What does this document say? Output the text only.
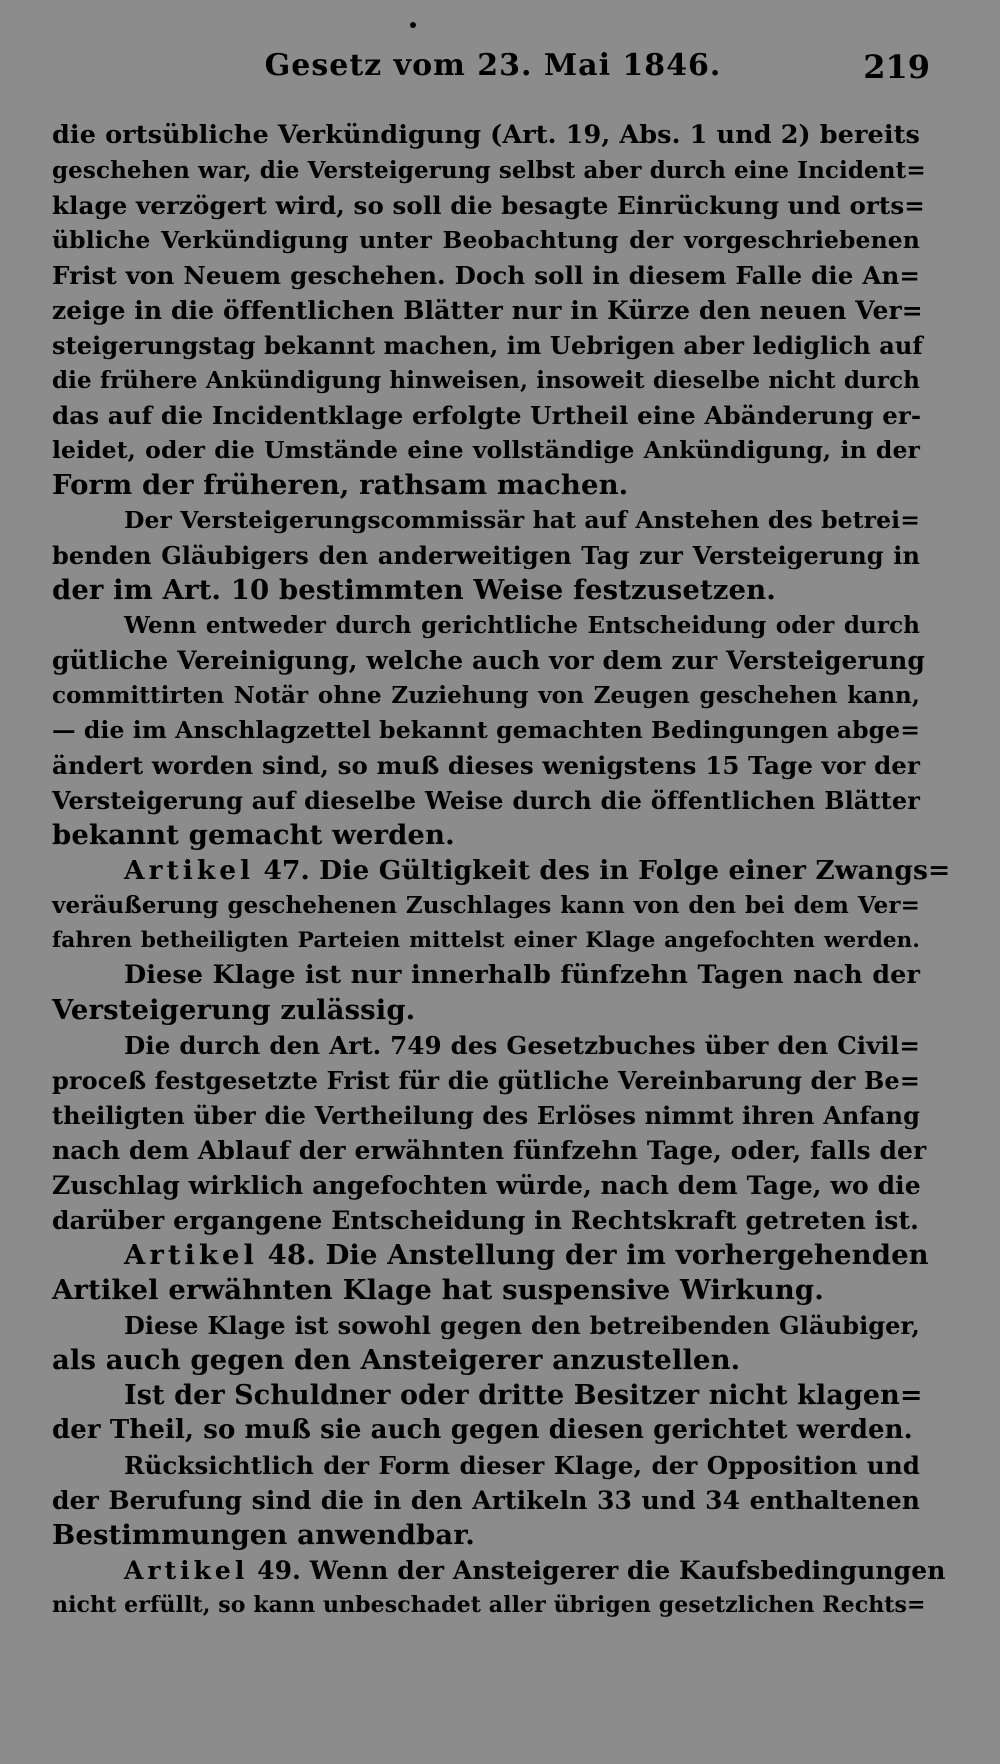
Gesetz vom 23. Mai 1846.	219
die ortsübliche Verkündigung (Art. 19, Abs. 1 und 2) bereits
geschehen war, die Versteigerung selbst aber durch eine Incident=
klage verzögert wird, so soll die besagte Einrückung und orts=
übliche Verkündigung unter Beobachtung der vorgeschriebenen
Frist von Neuem geschehen. Doch soll in diesem Falle die An=
zeige in die öffentlichen Blätter nur in Kürze den neuen Ver=
steigerungstag bekannt machen, im Uebrigen aber lediglich auf
die frühere Ankündigung hinweisen, insoweit dieselbe nicht durch
das auf die Incidentklage erfolgte Urtheil eine Abänderung er-
leidet, oder die Umstände eine vollständige Ankündigung, in der
Form der früheren, rathsam machen.
Der Versteigerungscommissär hat auf Anstehen des betrei=
benden Gläubigers den anderweitigen Tag zur Versteigerung in
der im Art. 10 bestimmten Weise festzusetzen.
Wenn entweder durch gerichtliche Entscheidung oder durch
gütliche Vereinigung, welche auch vor dem zur Versteigerung
committirten Notär ohne Zuziehung von Zeugen geschehen kann,
— die im Anschlagzettel bekannt gemachten Bedingungen abge=
ändert worden sind, so muß dieses wenigstens 15 Tage vor der
Versteigerung auf dieselbe Weise durch die öffentlichen Blätter
bekannt gemacht werden.
Artikel 47. Die Gültigkeit des in Folge einer Zwangs=
veräußerung geschehenen Zuschlages kann von den bei dem Ver=
fahren betheiligten Parteien mittelst einer Klage angefochten werden.
Diese Klage ist nur innerhalb fünfzehn Tagen nach der
Versteigerung zulässig.
Die durch den Art. 749 des Gesetzbuches über den Civil=
proceß festgesetzte Frist für die gütliche Vereinbarung der Be=
theiligten über die Vertheilung des Erlöses nimmt ihren Anfang
nach dem Ablauf der erwähnten fünfzehn Tage, oder, falls der
Zuschlag wirklich angefochten würde, nach dem Tage, wo die
darüber ergangene Entscheidung in Rechtskraft getreten ist.
Artikel 48. Die Anstellung der im vorhergehenden
Artikel erwähnten Klage hat suspensive Wirkung.
Diese Klage ist sowohl gegen den betreibenden Gläubiger,
als auch gegen den Ansteigerer anzustellen.
Ist der Schuldner oder dritte Besitzer nicht klagen=
der Theil, so muß sie auch gegen diesen gerichtet werden.
Rücksichtlich der Form dieser Klage, der Opposition und
der Berufung sind die in den Artikeln 33 und 34 enthaltenen
Bestimmungen anwendbar.
Artikel 49. Wenn der Ansteigerer die Kaufsbedingungen
nicht erfüllt, so kann unbeschadet aller übrigen gesetzlichen Rechts=
